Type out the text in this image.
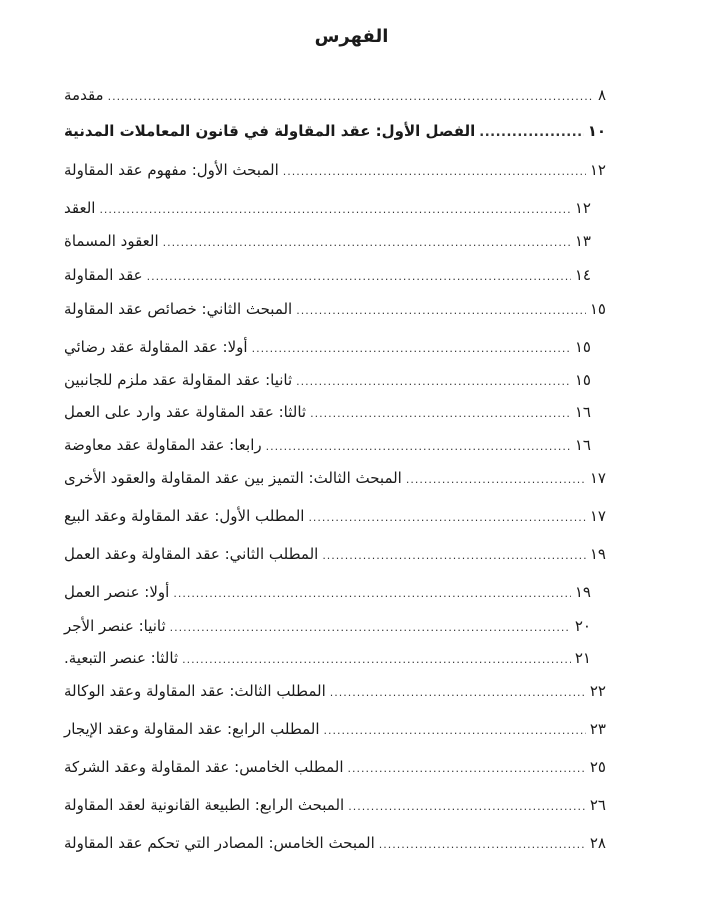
الفهرس
مقدمة .....	٨
الفصل الأول: عقد المقاولة في قانون المعاملات المدنية .....	١٠
المبحث الأول: مفهوم عقد المقاولة .....	١٢
العقد .....	١٢
العقود المسماة .....	١٣
عقد المقاولة .....	١٤
المبحث الثاني: خصائص عقد المقاولة .....	١٥
أولا: عقد المقاولة عقد رضائي .....	١٥
ثانيا: عقد المقاولة عقد ملزم للجانبين .....	١٥
ثالثا: عقد المقاولة عقد وارد على العمل .....	١٦
رابعا: عقد المقاولة عقد معاوضة .....	١٦
المبحث الثالث: التميز بين عقد المقاولة والعقود الأخرى .....	١٧
المطلب الأول: عقد المقاولة وعقد البيع .....	١٧
المطلب الثاني: عقد المقاولة وعقد العمل .....	١٩
أولا: عنصر العمل .....	١٩
ثانيا: عنصر الأجر .....	٢٠
ثالثا: عنصر التبعية. .....	٢١
المطلب الثالث: عقد المقاولة وعقد الوكالة .....	٢٢
المطلب الرابع: عقد المقاولة وعقد الإيجار .....	٢٣
المطلب الخامس: عقد المقاولة وعقد الشركة .....	٢٥
المبحث الرابع: الطبيعة القانونية لعقد المقاولة .....	٢٦
المبحث الخامس: المصادر التي تحكم عقد المقاولة .....	٢٨
